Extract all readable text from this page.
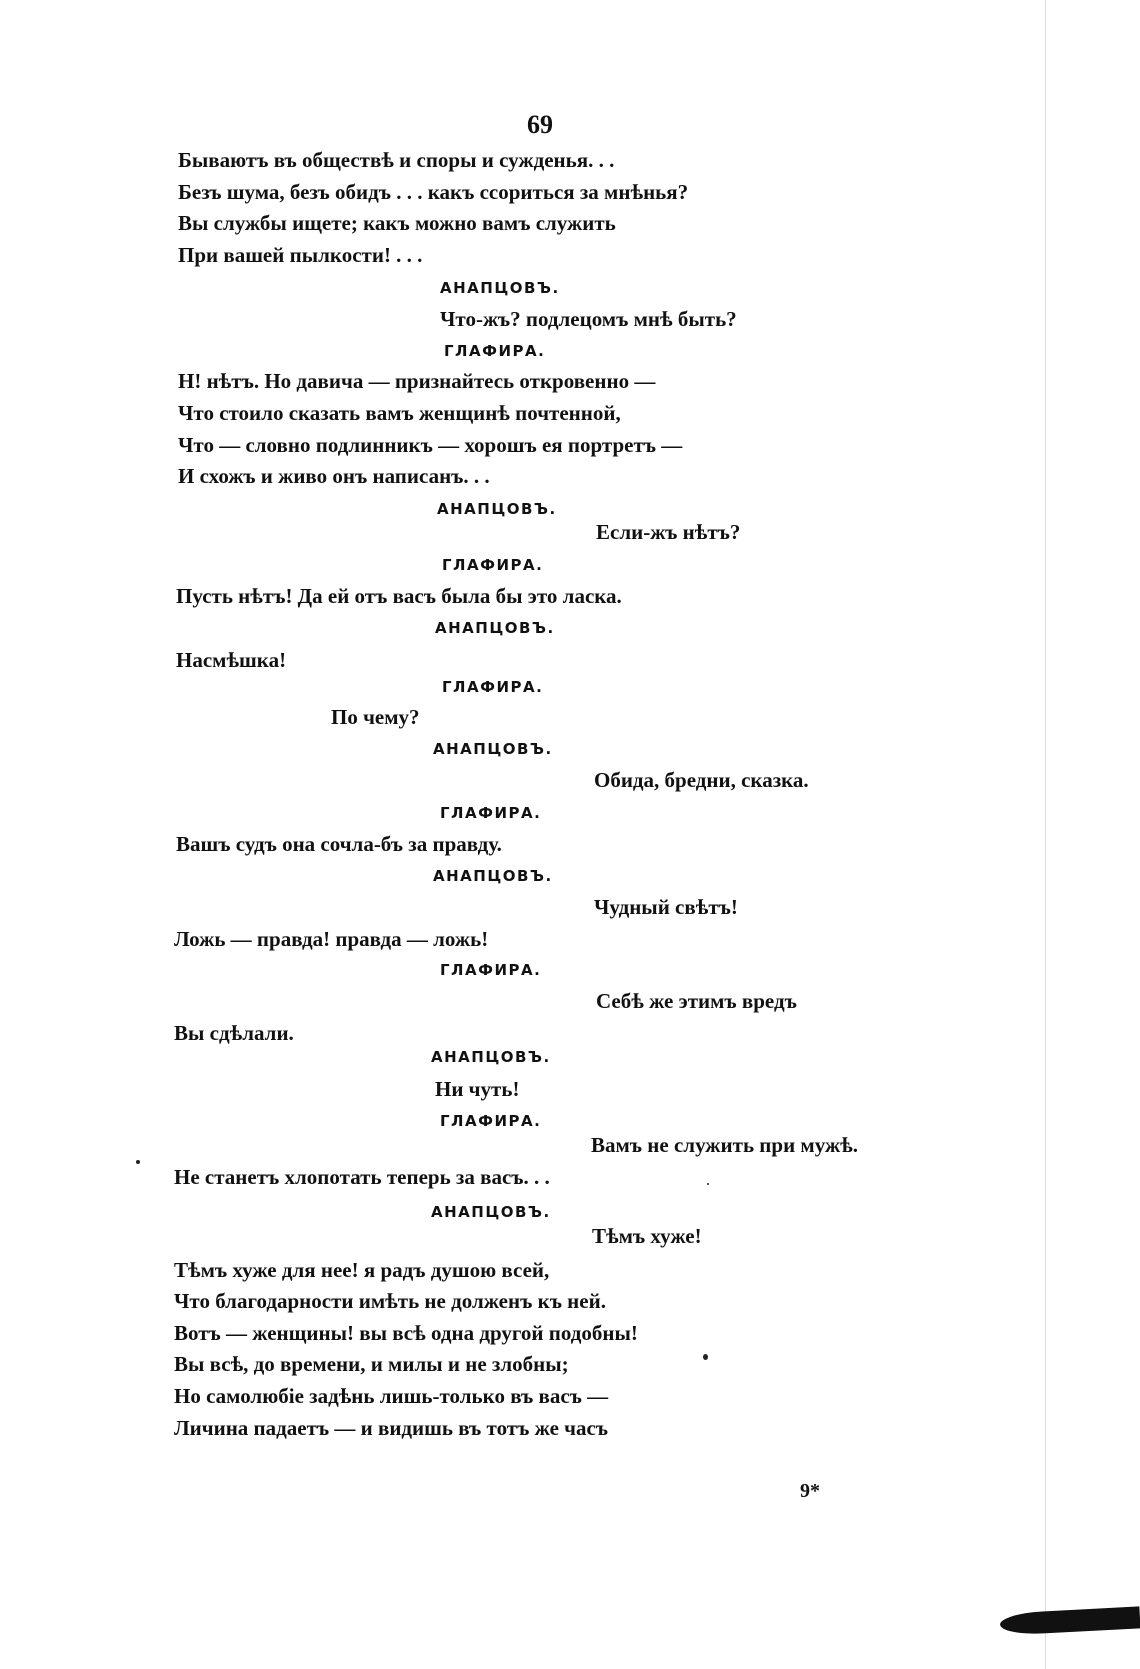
69
Бываютъ въ обществѣ и споры и сужденья. . .
Безъ шума, безъ обидъ . . . какъ ссориться за мнѣнья?
Вы службы ищете; какъ можно вамъ служить
При вашей пылкости! . . .
АНАПЦОВЪ.
Что-жъ? подлецомъ мнѣ быть?
ГЛАФИРА.
Н! нѣтъ. Но давича — признайтесь откровенно —
Что стоило сказать вамъ женщинѣ почтенной,
Что — словно подлинникъ — хорошъ ея портретъ —
И схожъ и живо онъ написанъ. . .
АНАПЦОВЪ.
Если-жъ нѣтъ?
ГЛАФИРА.
Пусть нѣтъ! Да ей отъ васъ была бы это ласка.
АНАПЦОВЪ.
Насмѣшка!
ГЛАФИРА.
По чему?
АНАПЦОВЪ.
Обида, бредни, сказка.
ГЛАФИРА.
Вашъ судъ она сочла-бъ за правду.
АНАПЦОВЪ.
Чудный свѣтъ!
Ложь — правда! правда — ложь!
ГЛАФИРА.
Себѣ же этимъ вредъ
Вы сдѣлали.
АНАПЦОВЪ.
Ни чуть!
ГЛАФИРА.
Вамъ не служить при мужѣ.
Не станетъ хлопотать теперь за васъ. . .
АНАПЦОВЪ.
Тѣмъ хуже!
Тѣмъ хуже для нее! я радъ душою всей,
Что благодарности имѣть не долженъ къ ней.
Вотъ — женщины! вы всѣ одна другой подобны!
Вы всѣ, до времени, и милы и не злобны;
Но самолюбіе задѣнь лишь-только въ васъ —
Личина падаетъ — и видишь въ тотъ же часъ
9*
